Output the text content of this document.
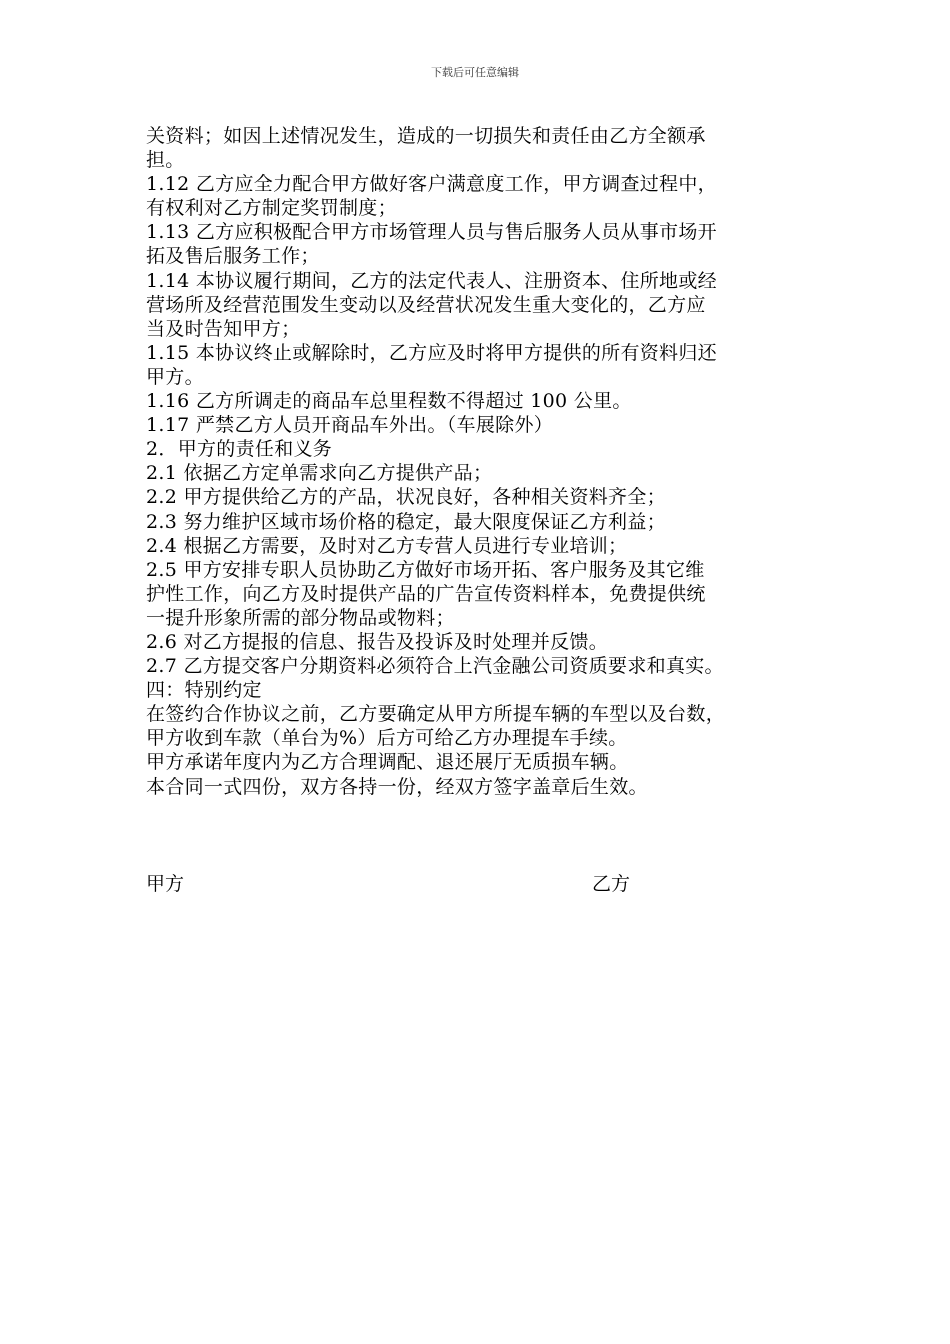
下载后可任意编辑
关资料；如因上述情况发生，造成的一切损失和责任由乙方全额承
担。
1.12 乙方应全力配合甲方做好客户满意度工作，甲方调查过程中，
有权利对乙方制定奖罚制度；
1.13 乙方应积极配合甲方市场管理人员与售后服务人员从事市场开
拓及售后服务工作；
1.14 本协议履行期间，乙方的法定代表人、注册资本、住所地或经
营场所及经营范围发生变动以及经营状况发生重大变化的，乙方应
当及时告知甲方；
1.15 本协议终止或解除时，乙方应及时将甲方提供的所有资料归还
甲方。
1.16 乙方所调走的商品车总里程数不得超过 100 公里。
1.17 严禁乙方人员开商品车外出。（车展除外）
2．甲方的责任和义务
2.1 依据乙方定单需求向乙方提供产品；
2.2 甲方提供给乙方的产品，状况良好，各种相关资料齐全；
2.3 努力维护区域市场价格的稳定，最大限度保证乙方利益；
2.4 根据乙方需要，及时对乙方专营人员进行专业培训；
2.5 甲方安排专职人员协助乙方做好市场开拓、客户服务及其它维
护性工作，向乙方及时提供产品的广告宣传资料样本，免费提供统
一提升形象所需的部分物品或物料；
2.6 对乙方提报的信息、报告及投诉及时处理并反馈。
2.7 乙方提交客户分期资料必须符合上汽金融公司资质要求和真实。
四：特别约定
在签约合作协议之前，乙方要确定从甲方所提车辆的车型以及台数，
甲方收到车款（单台为%）后方可给乙方办理提车手续。
甲方承诺年度内为乙方合理调配、退还展厅无质损车辆。
本合同一式四份，双方各持一份，经双方签字盖章后生效。
甲方	乙方
